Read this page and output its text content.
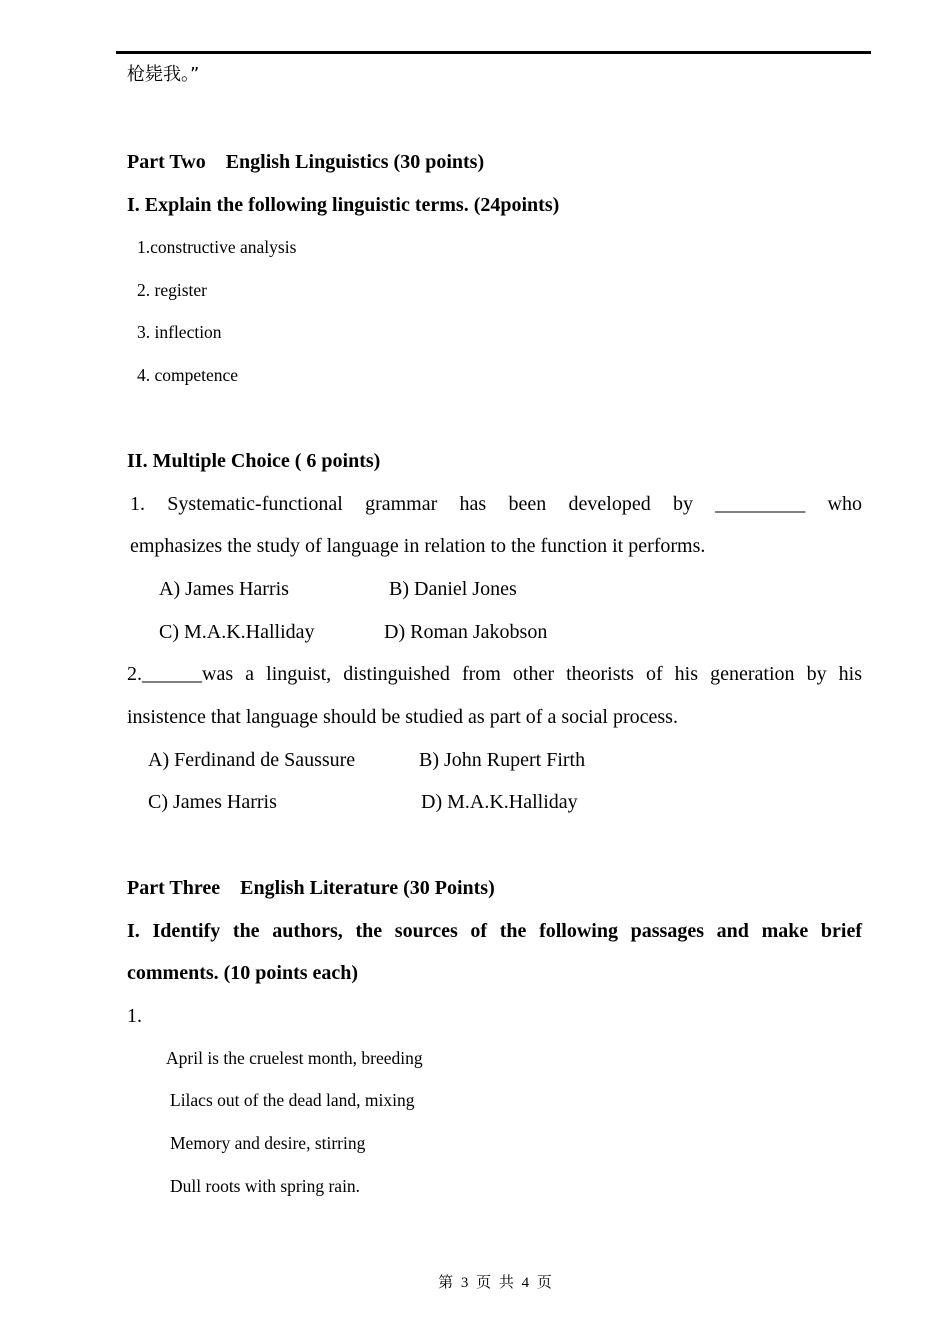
枪毙我。”
Part Two    English Linguistics (30 points)
I. Explain the following linguistic terms. (24points)
1.constructive analysis
2. register
3. inflection
4. competence
II. Multiple Choice ( 6 points)
1. Systematic-functional grammar has been developed by _________ who
emphasizes the study of language in relation to the function it performs.
A) James Harris	B) Daniel Jones
C) M.A.K.Halliday	D) Roman Jakobson
2.______was a linguist, distinguished from other theorists of his generation by his
insistence that language should be studied as part of a social process.
A) Ferdinand de Saussure	B) John Rupert Firth
C) James Harris	D) M.A.K.Halliday
Part Three    English Literature (30 Points)
I. Identify the authors, the sources of the following passages and make brief
comments. (10 points each)
1.
April is the cruelest month, breeding
Lilacs out of the dead land, mixing
Memory and desire, stirring
Dull roots with spring rain.
第 3 页 共 4 页
